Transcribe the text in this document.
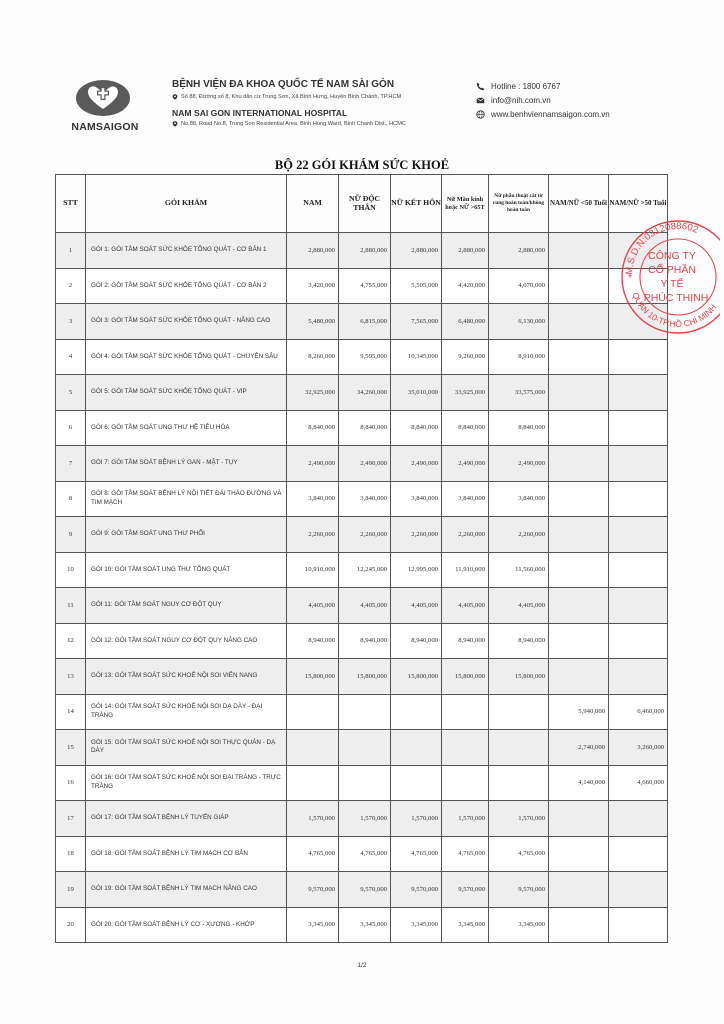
NAMSAIGON
BỆNH VIỆN ĐA KHOA QUỐC TẾ NAM SÀI GÒN
Số 88, Đường số 8, Khu dân cư Trung Sơn, Xã Bình Hưng, Huyện Bình Chánh, TP.HCM
NAM SAI GON INTERNATIONAL HOSPITAL
No.88, Road No.8, Trung Son Residential Area, Binh Hung Ward, Binh Chanh Dist., HCMC
Hotline : 1800 6767
info@nih.com.vn
www.benhviennamsaigon.com.vn
BỘ 22 GÓI KHÁM SỨC KHOẺ
STT	GÓI KHÁM	NAM	NỮ ĐỘC THÂN	NỮ KẾT HÔN	Nữ Mãn kinh hoặc NỮ >65T	Nữ phẫu thuật cắt từ cung hoàn toàn/không hoàn toàn	NAM/NỮ <50 Tuổi	NAM/NỮ >50 Tuổi
1	GÓI 1: GÓI TẦM SOÁT SỨC KHỎE TỔNG QUÁT - CƠ BẢN 1	2,880,000	2,880,000	2,880,000	2,880,000	2,880,000		
2	GÓI 2: GÓI TẦM SOÁT SỨC KHỎE TỔNG QUÁT - CƠ BẢN 2	3,420,000	4,755,000	5,505,000	4,420,000	4,070,000		
3	GÓI 3: GÓI TẦM SOÁT SỨC KHỎE TỔNG QUÁT - NÂNG CAO	5,480,000	6,815,000	7,565,000	6,480,000	6,130,000		
4	GÓI 4: GÓI TẦM SOÁT SỨC KHỎE TỔNG QUÁT - CHUYÊN SÂU	8,260,000	9,595,000	10,345,000	9,260,000	8,910,000		
5	GÓI 5: GÓI TẦM SOÁT SỨC KHỎE TỔNG QUÁT - VIP	32,925,000	34,260,000	35,010,000	33,925,000	33,575,000		
6	GÓI 6: GÓI TẦM SOÁT UNG THƯ HỆ TIÊU HÓA	8,840,000	8,840,000	8,840,000	8,840,000	8,840,000		
7	GÓI 7: GÓI TẦM SOÁT BỆNH LÝ GAN - MẬT - TỤY	2,490,000	2,490,000	2,490,000	2,490,000	2,490,000		
8	GÓI 8: GÓI TẦM SOÁT BỆNH LÝ NỘI TIẾT ĐÁI THÁO ĐƯỜNG VÀ TIM MẠCH	3,840,000	3,840,000	3,840,000	3,840,000	3,840,000		
9	GÓI 9: GÓI TẦM SOÁT UNG THƯ PHỔI	2,260,000	2,260,000	2,260,000	2,260,000	2,260,000		
10	GÓI 10: GÓI TẦM SOÁT UNG THƯ TỔNG QUÁT	10,910,000	12,245,000	12,995,000	11,910,000	11,560,000		
11	GÓI 11: GÓI TẦM SOÁT NGUY CƠ ĐỘT QUỴ	4,405,000	4,405,000	4,405,000	4,405,000	4,405,000		
12	GÓI 12: GÓI TẦM SOÁT NGUY CƠ ĐỘT QUỴ NÂNG CAO	8,940,000	8,940,000	8,940,000	8,940,000	8,940,000		
13	GÓI 13: GÓI TẦM SOÁT SỨC KHOẺ NỘI SOI VIÊN NANG	15,800,000	15,800,000	15,800,000	15,800,000	15,800,000		
14	GÓI 14: GÓI TẦM SOÁT SỨC KHOẺ NỘI SOI DẠ DÀY - ĐẠI TRÀNG						5,940,000	6,460,000
15	GÓI 15: GÓI TẦM SOÁT SỨC KHOẺ NỘI SOI THỰC QUẢN - DẠ DÀY						2,740,000	3,260,000
16	GÓI 16: GÓI TẦM SOÁT SỨC KHOẺ NỘI SOI ĐẠI TRÀNG - TRỰC TRÀNG						4,140,000	4,660,000
17	GÓI 17: GÓI TẦM SOÁT BỆNH LÝ TUYẾN GIÁP	1,570,000	1,570,000	1,570,000	1,570,000	1,570,000		
18	GÓI 18: GÓI TẦM SOÁT BỆNH LÝ TIM MẠCH CƠ BẢN	4,765,000	4,765,000	4,765,000	4,765,000	4,765,000		
19	GÓI 19: GÓI TẦM SOÁT BỆNH LÝ TIM MẠCH NÂNG CAO	9,570,000	9,570,000	9,570,000	9,570,000	9,570,000		
20	GÓI 20: GÓI TẦM SOÁT BỆNH LÝ CƠ - XƯƠNG - KHỚP	3,345,000	3,345,000	3,345,000	3,345,000	3,345,000		
1/2
M.S.D.N:0312088602
QUẬN 10-TP.HỒ CHÍ MINH
CÔNG TY
CỔ PHẦN
Y TẾ
PHÚC THỊNH
*
